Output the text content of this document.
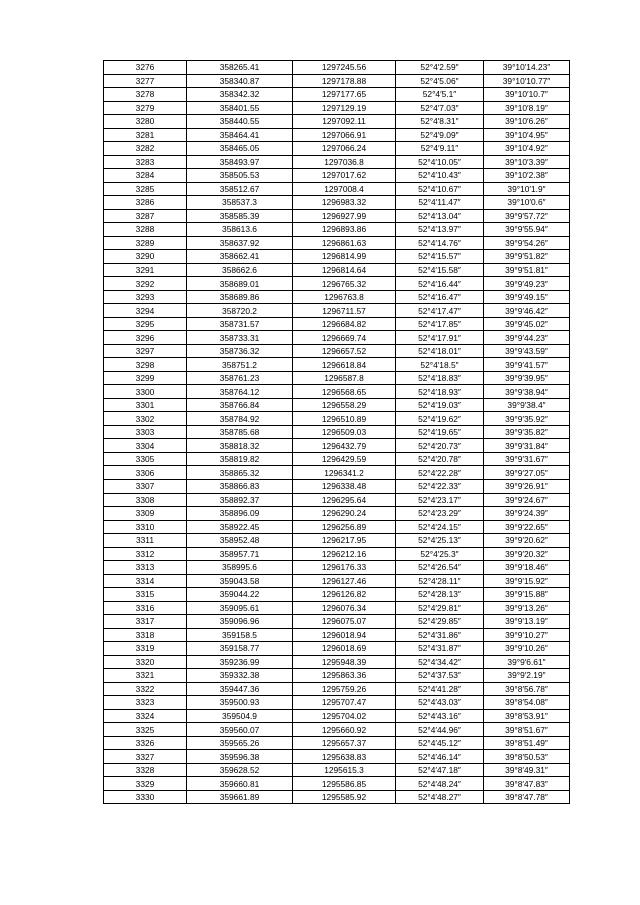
3276	358265.41	1297245.56	52°4′2.59″	39°10′14.23″
3277	358340.87	1297178.88	52°4′5.06″	39°10′10.77″
3278	358342.32	1297177.65	52°4′5.1″	39°10′10.7″
3279	358401.55	1297129.19	52°4′7.03″	39°10′8.19″
3280	358440.55	1297092.11	52°4′8.31″	39°10′6.26″
3281	358464.41	1297066.91	52°4′9.09″	39°10′4.95″
3282	358465.05	1297066.24	52°4′9.11″	39°10′4.92″
3283	358493.97	1297036.8	52°4′10.05″	39°10′3.39″
3284	358505.53	1297017.62	52°4′10.43″	39°10′2.38″
3285	358512.67	1297008.4	52°4′10.67″	39°10′1.9″
3286	358537.3	1296983.32	52°4′11.47″	39°10′0.6″
3287	358585.39	1296927.99	52°4′13.04″	39°9′57.72″
3288	358613.6	1296893.86	52°4′13.97″	39°9′55.94″
3289	358637.92	1296861.63	52°4′14.76″	39°9′54.26″
3290	358662.41	1296814.99	52°4′15.57″	39°9′51.82″
3291	358662.6	1296814.64	52°4′15.58″	39°9′51.81″
3292	358689.01	1296765.32	52°4′16.44″	39°9′49.23″
3293	358689.86	1296763.8	52°4′16.47″	39°9′49.15″
3294	358720.2	1296711.57	52°4′17.47″	39°9′46.42″
3295	358731.57	1296684.82	52°4′17.85″	39°9′45.02″
3296	358733.31	1296669.74	52°4′17.91″	39°9′44.23″
3297	358736.32	1296657.52	52°4′18.01″	39°9′43.59″
3298	358751.2	1296618.84	52°4′18.5″	39°9′41.57″
3299	358761.23	1296587.8	52°4′18.83″	39°9′39.95″
3300	358764.12	1296568.65	52°4′18.93″	39°9′38.94″
3301	358766.84	1296558.29	52°4′19.03″	39°9′38.4″
3302	358784.92	1296510.89	52°4′19.62″	39°9′35.92″
3303	358785.68	1296509.03	52°4′19.65″	39°9′35.82″
3304	358818.32	1296432.79	52°4′20.73″	39°9′31.84″
3305	358819.82	1296429.59	52°4′20.78″	39°9′31.67″
3306	358865.32	1296341.2	52°4′22.28″	39°9′27.05″
3307	358866.83	1296338.48	52°4′22.33″	39°9′26.91″
3308	358892.37	1296295.64	52°4′23.17″	39°9′24.67″
3309	358896.09	1296290.24	52°4′23.29″	39°9′24.39″
3310	358922.45	1296256.89	52°4′24.15″	39°9′22.65″
3311	358952.48	1296217.95	52°4′25.13″	39°9′20.62″
3312	358957.71	1296212.16	52°4′25.3″	39°9′20.32″
3313	358995.6	1296176.33	52°4′26.54″	39°9′18.46″
3314	359043.58	1296127.46	52°4′28.11″	39°9′15.92″
3315	359044.22	1296126.82	52°4′28.13″	39°9′15.88″
3316	359095.61	1296076.34	52°4′29.81″	39°9′13.26″
3317	359096.96	1296075.07	52°4′29.85″	39°9′13.19″
3318	359158.5	1296018.94	52°4′31.86″	39°9′10.27″
3319	359158.77	1296018.69	52°4′31.87″	39°9′10.26″
3320	359236.99	1295948.39	52°4′34.42″	39°9′6.61″
3321	359332.38	1295863.36	52°4′37.53″	39°9′2.19″
3322	359447.36	1295759.26	52°4′41.28″	39°8′56.78″
3323	359500.93	1295707.47	52°4′43.03″	39°8′54.08″
3324	359504.9	1295704.02	52°4′43.16″	39°8′53.91″
3325	359560.07	1295660.92	52°4′44.96″	39°8′51.67″
3326	359565.26	1295657.37	52°4′45.12″	39°8′51.49″
3327	359596.38	1295638.83	52°4′46.14″	39°8′50.53″
3328	359628.52	1295615.3	52°4′47.18″	39°8′49.31″
3329	359660.81	1295586.85	52°4′48.24″	39°8′47.83″
3330	359661.89	1295585.92	52°4′48.27″	39°8′47.78″
